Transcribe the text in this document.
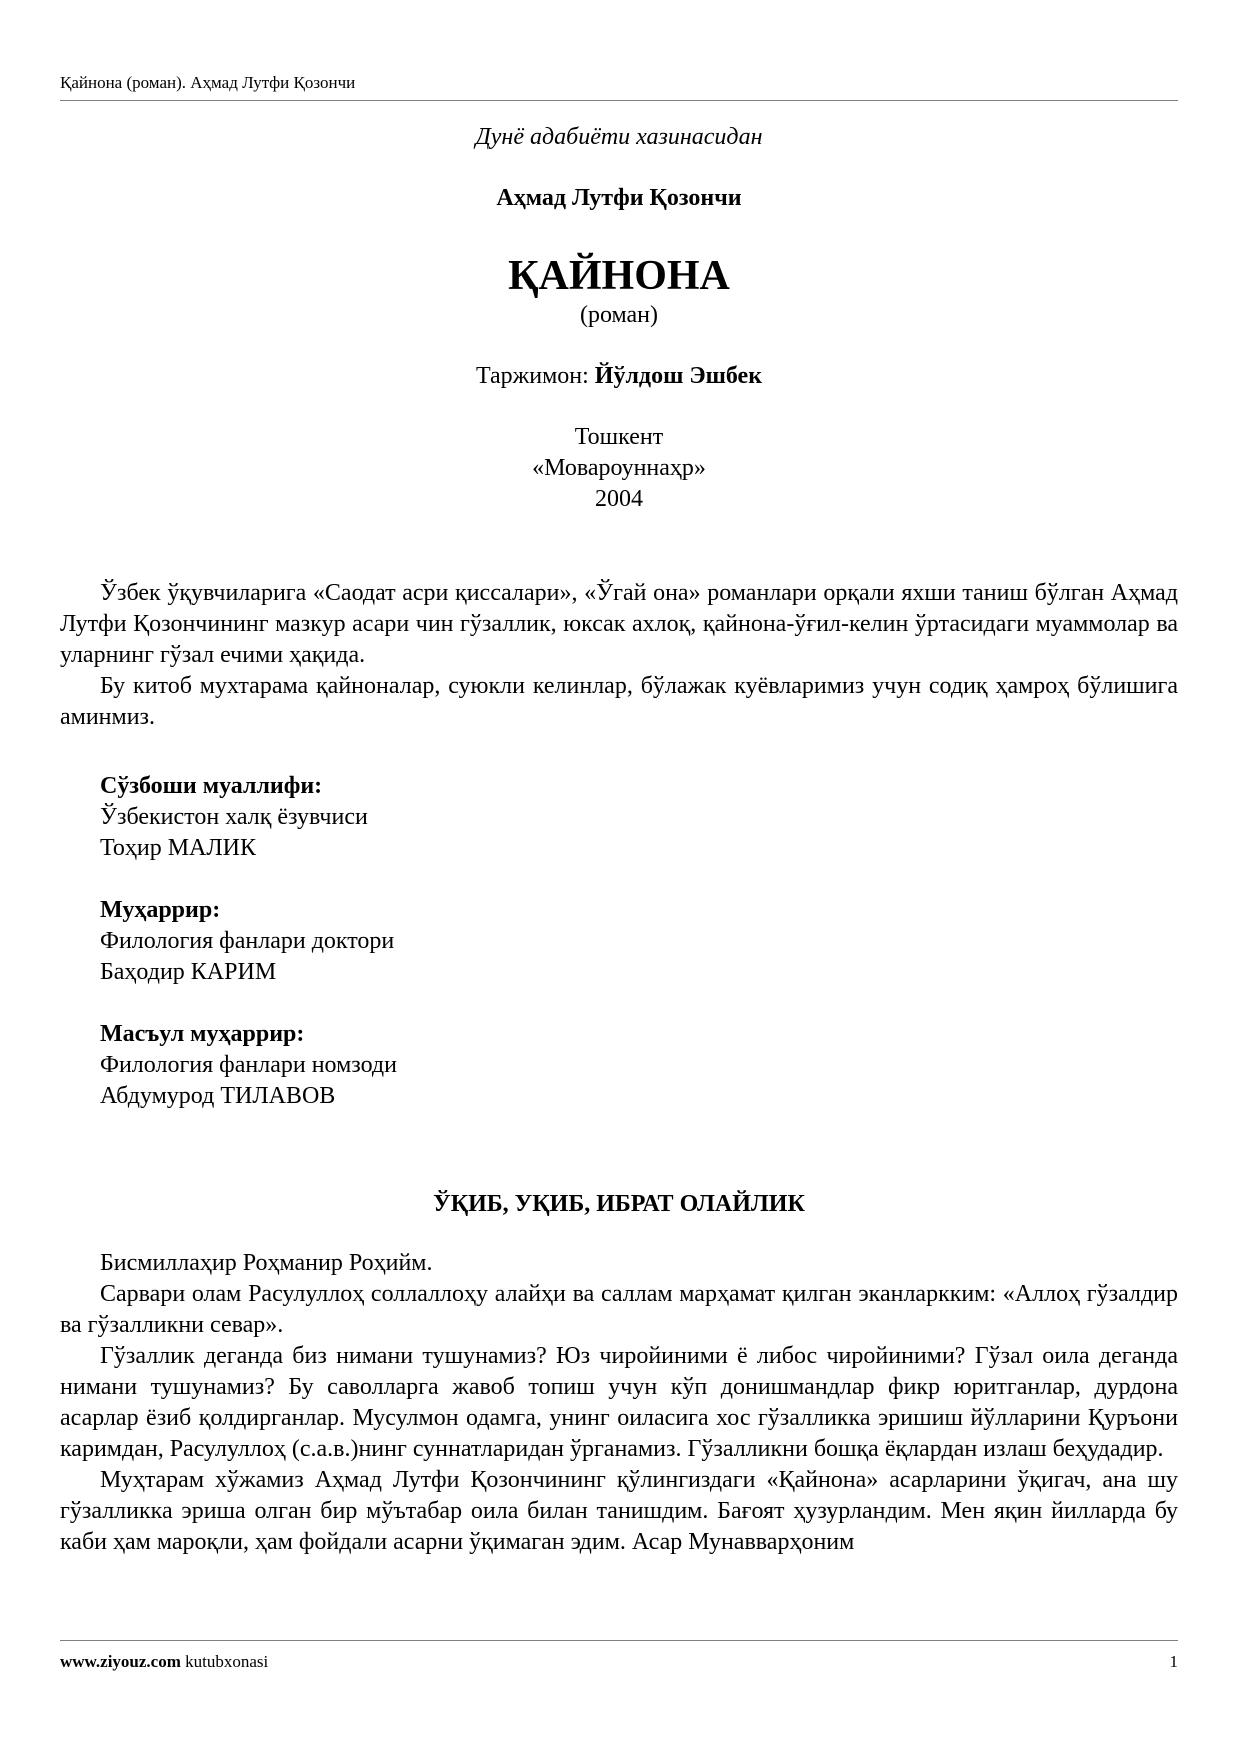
Қайнона (роман). Аҳмад Лутфи Қозончи

Дунё адабиёти хазинасидан

Аҳмад Лутфи Қозончи

ҚАЙНОНА

(роман)

Таржимон: Йўлдош Эшбек

Тошкент
«Мовароуннаҳр»
2004

Ўзбек ўқувчиларига «Саодат асри қиссалари», «Ўгай она» романлари орқали яхши таниш бўлган Аҳмад Лутфи Қозончининг мазкур асари чин гўзаллик, юксак ахлоқ, қайнона-ўғил-келин ўртасидаги муаммолар ва уларнинг гўзал ечими ҳақида.

Бу китоб мухтарама қайноналар, суюкли келинлар, бўлажак куёвларимиз учун содиқ ҳамроҳ бўлишига аминмиз.

Сўзбоши муаллифи:
Ўзбекистон халқ ёзувчиси
Тоҳир МАЛИК
Муҳаррир:
Филология фанлари доктори
Баҳодир КАРИМ
Масъул муҳаррир:
Филология фанлари номзоди
Абдумурод ТИЛАВОВ
ЎҚИБ, УҚИБ, ИБРАТ ОЛАЙЛИК

Бисмиллаҳир Роҳманир Роҳийм.

Сарвари олам Расулуллоҳ соллаллоҳу алайҳи ва саллам марҳамат қилган эканларкким: «Аллоҳ гўзалдир ва гўзалликни севар».

Гўзаллик деганда биз нимани тушунамиз? Юз чиройиними ё либос чиройиними? Гўзал оила деганда нимани тушунамиз? Бу саволларга жавоб топиш учун кўп донишмандлар фикр юритганлар, дурдона асарлар ёзиб қолдирганлар. Мусулмон одамга, унинг оиласига хос гўзалликка эришиш йўлларини Қуръони каримдан, Расулуллоҳ (с.а.в.)нинг суннатларидан ўрганамиз. Гўзалликни бошқа ёқлардан излаш беҳудадир.

Муҳтарам хўжамиз Аҳмад Лутфи Қозончининг қўлингиздаги «Қайнона» асарларини ўқигач, ана шу гўзалликка эриша олган бир мўътабар оила билан танишдим. Бағоят ҳузурландим. Мен яқин йилларда бу каби ҳам мароқли, ҳам фойдали асарни ўқимаган эдим. Асар Мунавварҳоним

www.ziyouz.com kutubxonasi	1
